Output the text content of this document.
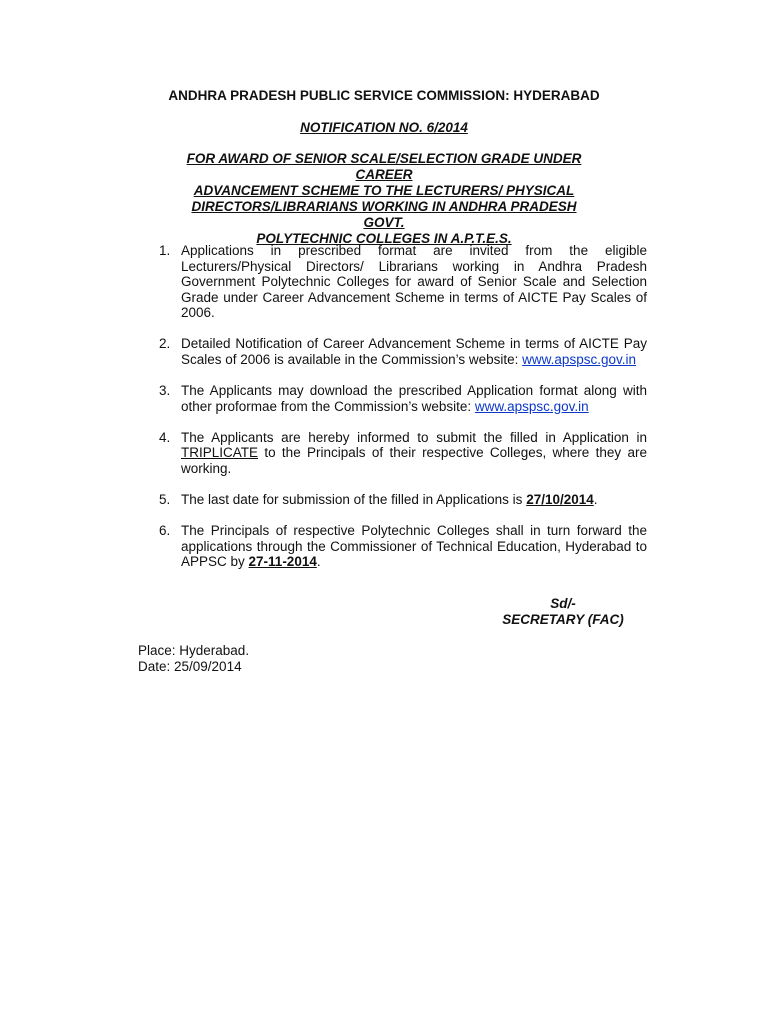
ANDHRA PRADESH PUBLIC SERVICE COMMISSION: HYDERABAD
NOTIFICATION NO. 6/2014
FOR AWARD OF SENIOR SCALE/SELECTION GRADE UNDER CAREER
ADVANCEMENT SCHEME TO THE LECTURERS/ PHYSICAL
DIRECTORS/LIBRARIANS WORKING IN ANDHRA PRADESH GOVT.
POLYTECHNIC COLLEGES IN A.P.T.E.S.
1. Applications in prescribed format are invited from the eligible Lecturers/Physical Directors/ Librarians working in Andhra Pradesh Government Polytechnic Colleges for award of Senior Scale and Selection Grade under Career Advancement Scheme in terms of AICTE Pay Scales of 2006.
2. Detailed Notification of Career Advancement Scheme in terms of AICTE Pay Scales of 2006 is available in the Commission’s website: www.apspsc.gov.in
3. The Applicants may download the prescribed Application format along with other proformae from the Commission’s website: www.apspsc.gov.in
4. The Applicants are hereby informed to submit the filled in Application in TRIPLICATE to the Principals of their respective Colleges, where they are working.
5. The last date for submission of the filled in Applications is 27/10/2014.
6. The Principals of respective Polytechnic Colleges shall in turn forward the applications through the Commissioner of Technical Education, Hyderabad to APPSC by 27-11-2014.
Sd/-
SECRETARY (FAC)
Place: Hyderabad.
Date: 25/09/2014
